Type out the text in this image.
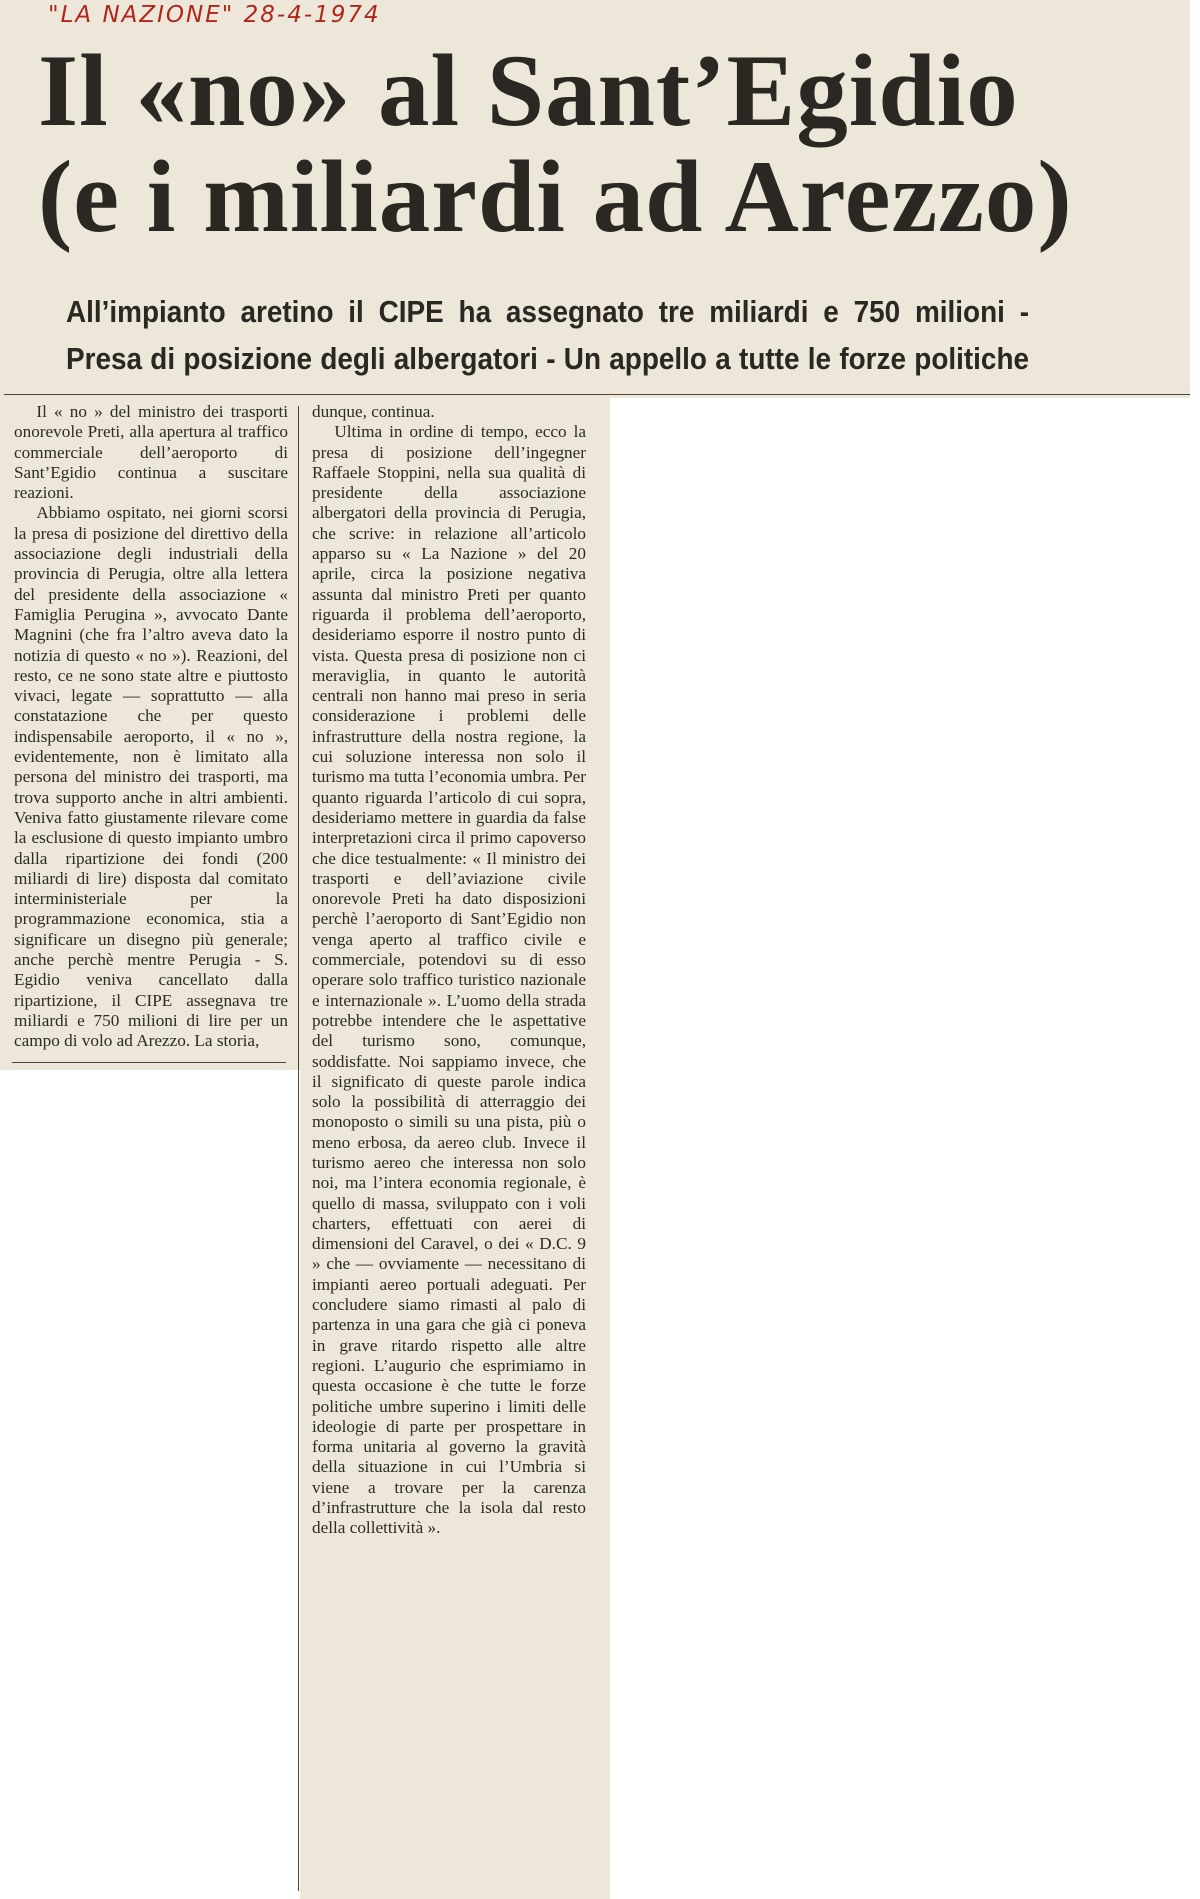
"LA NAZIONE" 28-4-1974
Il «no» al Sant’Egidio
(e i miliardi ad Arezzo)

All’impianto aretino il CIPE ha assegnato tre miliardi e 750 milioni - Presa di posizione degli albergatori - Un appello a tutte le forze politiche

Il « no » del ministro dei trasporti onorevole Preti, alla apertura al traffico commerciale dell’aeroporto di Sant’Egidio continua a suscitare reazioni.

Abbiamo ospitato, nei giorni scorsi la presa di posizione del direttivo della associazione degli industriali della provincia di Perugia, oltre alla lettera del presidente della associazione « Famiglia Perugina », avvocato Dante Magnini (che fra l’altro aveva dato la notizia di questo « no »). Reazioni, del resto, ce ne sono state altre e piuttosto vivaci, legate — soprattutto — alla constatazione che per questo indispensabile aeroporto, il « no », evidentemente, non è limitato alla persona del ministro dei trasporti, ma trova supporto anche in altri ambienti. Veniva fatto giustamente rilevare come la esclusione di questo impianto umbro dalla ripartizione dei fondi (200 miliardi di lire) disposta dal comitato interministeriale per la programmazione economica, stia a significare un disegno più generale; anche perchè mentre Perugia - S. Egidio veniva cancellato dalla ripartizione, il CIPE assegnava tre miliardi e 750 milioni di lire per un campo di volo ad Arezzo. La storia,

dunque, continua.

Ultima in ordine di tempo, ecco la presa di posizione dell’ingegner Raffaele Stoppini, nella sua qualità di presidente della associazione albergatori della provincia di Perugia, che scrive: in relazione all’articolo apparso su « La Nazione » del 20 aprile, circa la posizione negativa assunta dal ministro Preti per quanto riguarda il problema dell’aeroporto, desideriamo esporre il nostro punto di vista. Questa presa di posizione non ci meraviglia, in quanto le autorità centrali non hanno mai preso in seria considerazione i problemi delle infrastrutture della nostra regione, la cui soluzione interessa non solo il turismo ma tutta l’economia umbra. Per quanto riguarda l’articolo di cui sopra, desideriamo mettere in guardia da false interpretazioni circa il primo capoverso che dice testualmente: « Il ministro dei trasporti e dell’aviazione civile onorevole Preti ha dato disposizioni perchè l’aeroporto di Sant’Egidio non venga aperto al traffico civile e commerciale, potendovi su di esso operare solo traffico turistico nazionale e internazionale ». L’uomo della strada potrebbe intendere che le aspettative del turismo sono, comunque, soddisfatte. Noi sappiamo invece, che il significato di queste parole indica solo la possibilità di atterraggio dei monoposto o simili su una pista, più o meno erbosa, da aereo club. Invece il turismo aereo che interessa non solo noi, ma l’intera economia regionale, è quello di massa, sviluppato con i voli charters, effettuati con aerei di dimensioni del Caravel, o dei « D.C. 9 » che — ovviamente — necessitano di impianti aereo portuali adeguati. Per concludere siamo rimasti al palo di partenza in una gara che già ci poneva in grave ritardo rispetto alle altre regioni. L’augurio che esprimiamo in questa occasione è che tutte le forze politiche umbre superino i limiti delle ideologie di parte per prospettare in forma unitaria al governo la gravità della situazione in cui l’Umbria si viene a trovare per la carenza d’infrastrutture che la isola dal resto della collettività ».
